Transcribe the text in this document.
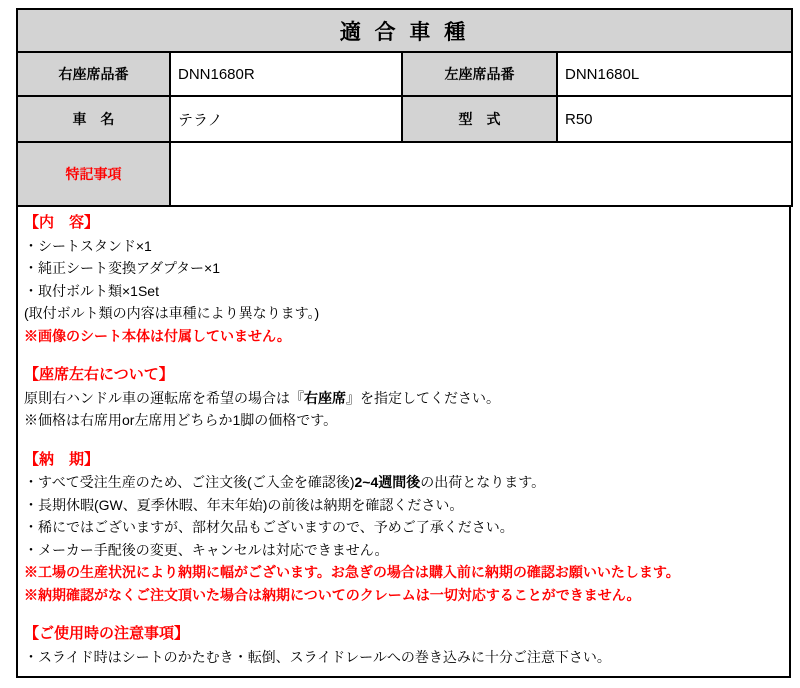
適 合 車 種			
右座席品番	DNN1680R	左座席品番	DNN1680L
車　名	テラノ	型　式	R50
特記事項			
【内　容】
・シートスタンド×1
・純正シート変換アダプター×1
・取付ボルト類×1Set
(取付ボルト類の内容は車種により異なります。)
※画像のシート本体は付属していません。
【座席左右について】
原則右ハンドル車の運転席を希望の場合は『右座席』を指定してください。
※価格は右席用or左席用どちらか1脚の価格です。
【納　期】
・すべて受注生産のため、ご注文後(ご入金を確認後)2~4週間後の出荷となります。
・長期休暇(GW、夏季休暇、年末年始)の前後は納期を確認ください。
・稀にではございますが、部材欠品もございますので、予めご了承ください。
・メーカー手配後の変更、キャンセルは対応できません。
※工場の生産状況により納期に幅がございます。お急ぎの場合は購入前に納期の確認お願いいたします。
※納期確認がなくご注文頂いた場合は納期についてのクレームは一切対応することができません。
【ご使用時の注意事項】
・スライド時はシートのかたむき・転倒、スライドレールへの巻き込みに十分ご注意下さい。
